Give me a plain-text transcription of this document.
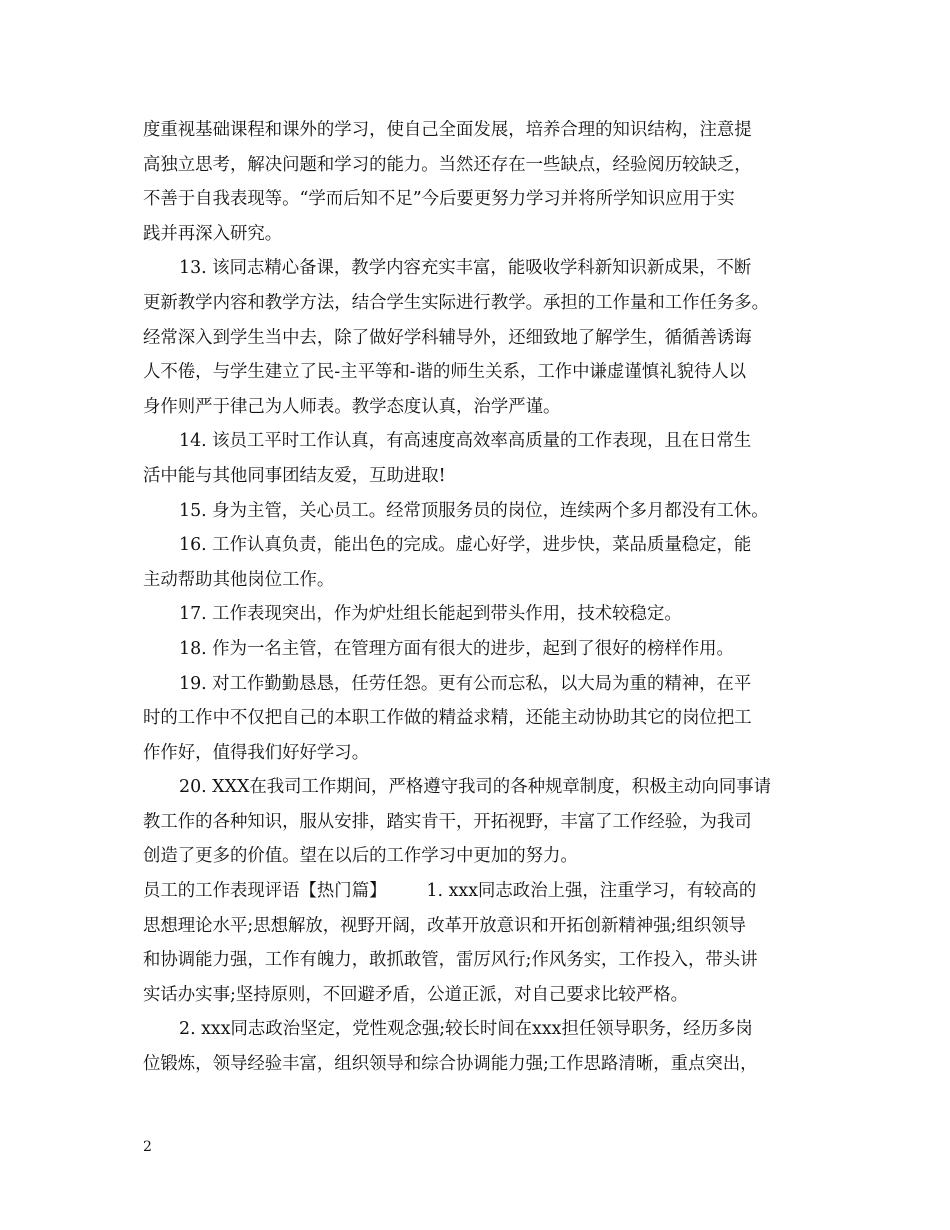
度重视基础课程和课外的学习，使自己全面发展，培养合理的知识结构，注意提
高独立思考，解决问题和学习的能力。当然还存在一些缺点，经验阅历较缺乏，
不善于自我表现等。“学而后知不足”今后要更努力学习并将所学知识应用于实
践并再深入研究。
13. 该同志精心备课，教学内容充实丰富，能吸收学科新知识新成果，不断
更新教学内容和教学方法，结合学生实际进行教学。承担的工作量和工作任务多。
经常深入到学生当中去，除了做好学科辅导外，还细致地了解学生，循循善诱诲
人不倦，与学生建立了民-主平等和-谐的师生关系，工作中谦虚谨慎礼貌待人以
身作则严于律己为人师表。教学态度认真，治学严谨。
14. 该员工平时工作认真，有高速度高效率高质量的工作表现，且在日常生
活中能与其他同事团结友爱，互助进取!
15. 身为主管，关心员工。经常顶服务员的岗位，连续两个多月都没有工休。
16. 工作认真负责，能出色的完成。虚心好学，进步快，菜品质量稳定，能
主动帮助其他岗位工作。
17. 工作表现突出，作为炉灶组长能起到带头作用，技术较稳定。
18. 作为一名主管，在管理方面有很大的进步，起到了很好的榜样作用。
19. 对工作勤勤恳恳，任劳任怨。更有公而忘私，以大局为重的精神，在平
时的工作中不仅把自己的本职工作做的精益求精，还能主动协助其它的岗位把工
作作好，值得我们好好学习。
20. XXX在我司工作期间，严格遵守我司的各种规章制度，积极主动向同事请
教工作的各种知识，服从安排，踏实肯干，开拓视野，丰富了工作经验，为我司
创造了更多的价值。望在以后的工作学习中更加的努力。
员工的工作表现评语【热门篇】 1. xxx同志政治上强，注重学习，有较高的
思想理论水平;思想解放，视野开阔，改革开放意识和开拓创新精神强;组织领导
和协调能力强，工作有魄力，敢抓敢管，雷厉风行;作风务实，工作投入，带头讲
实话办实事;坚持原则，不回避矛盾，公道正派，对自己要求比较严格。
2. xxx同志政治坚定，党性观念强;较长时间在xxx担任领导职务，经历多岗
位锻炼，领导经验丰富，组织领导和综合协调能力强;工作思路清晰，重点突出，
2
